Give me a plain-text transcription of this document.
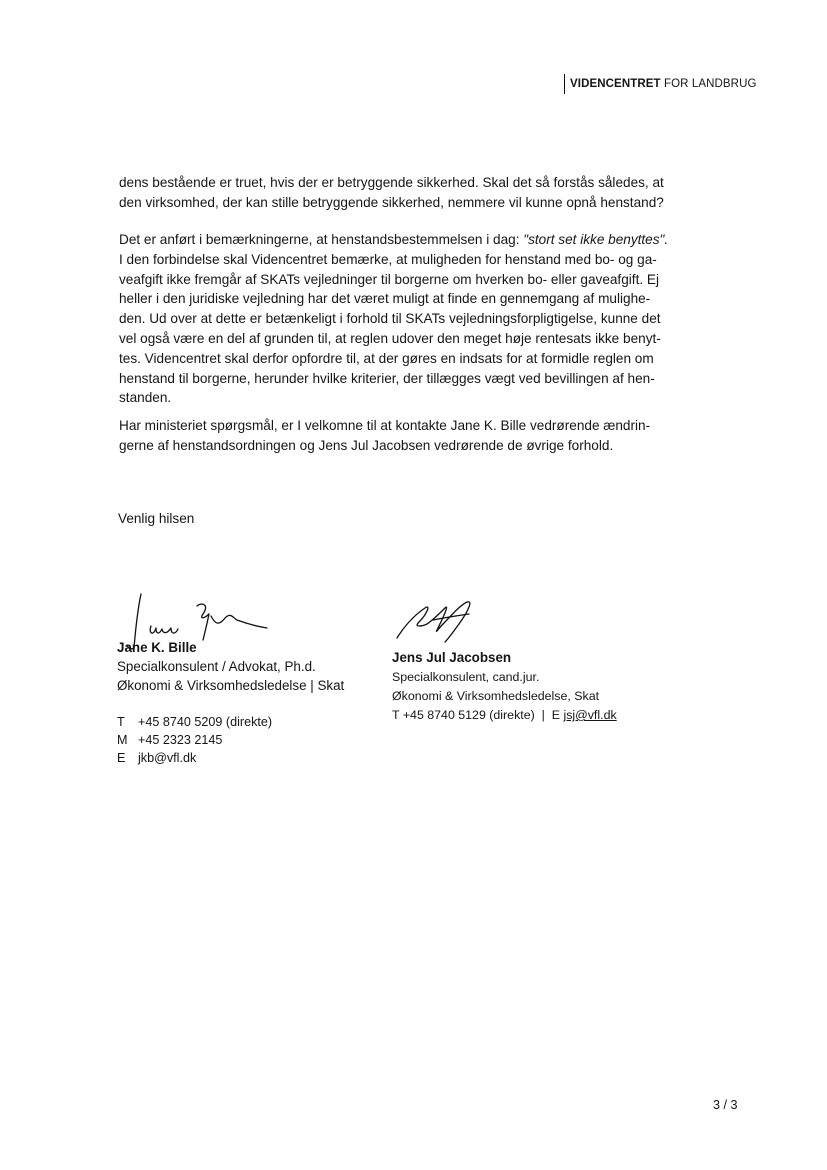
VIDENCENTRET FOR LANDBRUG

dens bestående er truet, hvis der er betryggende sikkerhed. Skal det så forstås således, at

den virksomhed, der kan stille betryggende sikkerhed, nemmere vil kunne opnå henstand?

Det er anført i bemærkningerne, at henstandsbestemmelsen i dag: "stort set ikke benyttes".

I den forbindelse skal Videncentret bemærke, at muligheden for henstand med bo- og ga-

veafgift ikke fremgår af SKATs vejledninger til borgerne om hverken bo- eller gaveafgift. Ej

heller i den juridiske vejledning har det været muligt at finde en gennemgang af mulighe-

den. Ud over at dette er betænkeligt i forhold til SKATs vejledningsforpligtigelse, kunne det

vel også være en del af grunden til, at reglen udover den meget høje rentesats ikke benyt-

tes. Videncentret skal derfor opfordre til, at der gøres en indsats for at formidle reglen om

henstand til borgerne, herunder hvilke kriterier, der tillægges vægt ved bevillingen af hen-

standen.

Har ministeriet spørgsmål, er I velkomne til at kontakte Jane K. Bille vedrørende ændrin-

gerne af henstandsordningen og Jens Jul Jacobsen vedrørende de øvrige forhold.

Venlig hilsen
Jane K. Bille
Specialkonsulent / Advokat, Ph.d.
Økonomi & Virksomhedsledelse | Skat
T +45 8740 5209 (direkte)
M +45 2323 2145
E jkb@vfl.dk
Jens Jul Jacobsen
Specialkonsulent, cand.jur.
Økonomi & Virksomhedsledelse, Skat
T +45 8740 5129 (direkte) | E jsj@vfl.dk
3 / 3
